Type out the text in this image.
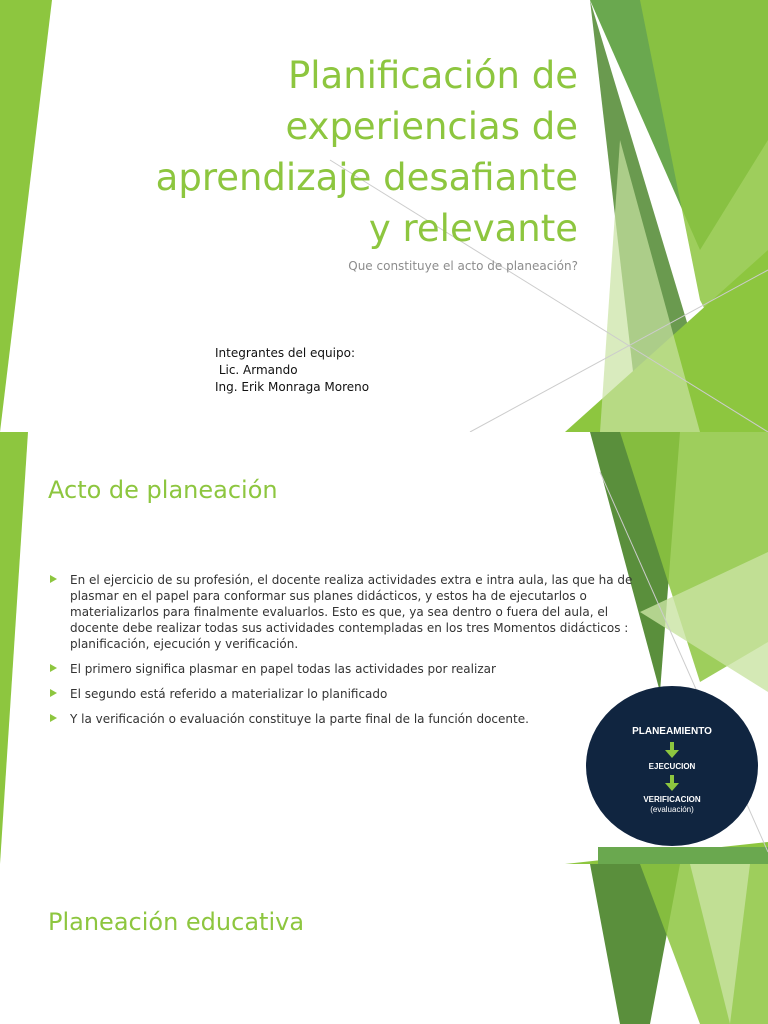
Planificación de
experiencias de
aprendizaje desafiante
y relevante
Que constituye el acto de planeación?
Integrantes del equipo:
Lic. Armando
Ing. Erik Monraga Moreno
Acto de planeación
En el ejercicio de su profesión, el docente realiza actividades extra e intra aula, las que ha de plasmar en el papel para conformar sus planes didácticos, y estos ha de ejecutarlos o materializarlos para finalmente evaluarlos. Esto es que, ya sea dentro o fuera del aula, el docente debe realizar todas sus actividades contempladas en los tres Momentos didácticos : planificación, ejecución y verificación.
El primero significa plasmar en papel todas las actividades por realizar
El segundo está referido a materializar lo planificado
Y la verificación o evaluación constituye la parte final de la función docente.
PLANEAMIENTO
EJECUCION
VERIFICACION
(evaluación)
Planeación educativa
